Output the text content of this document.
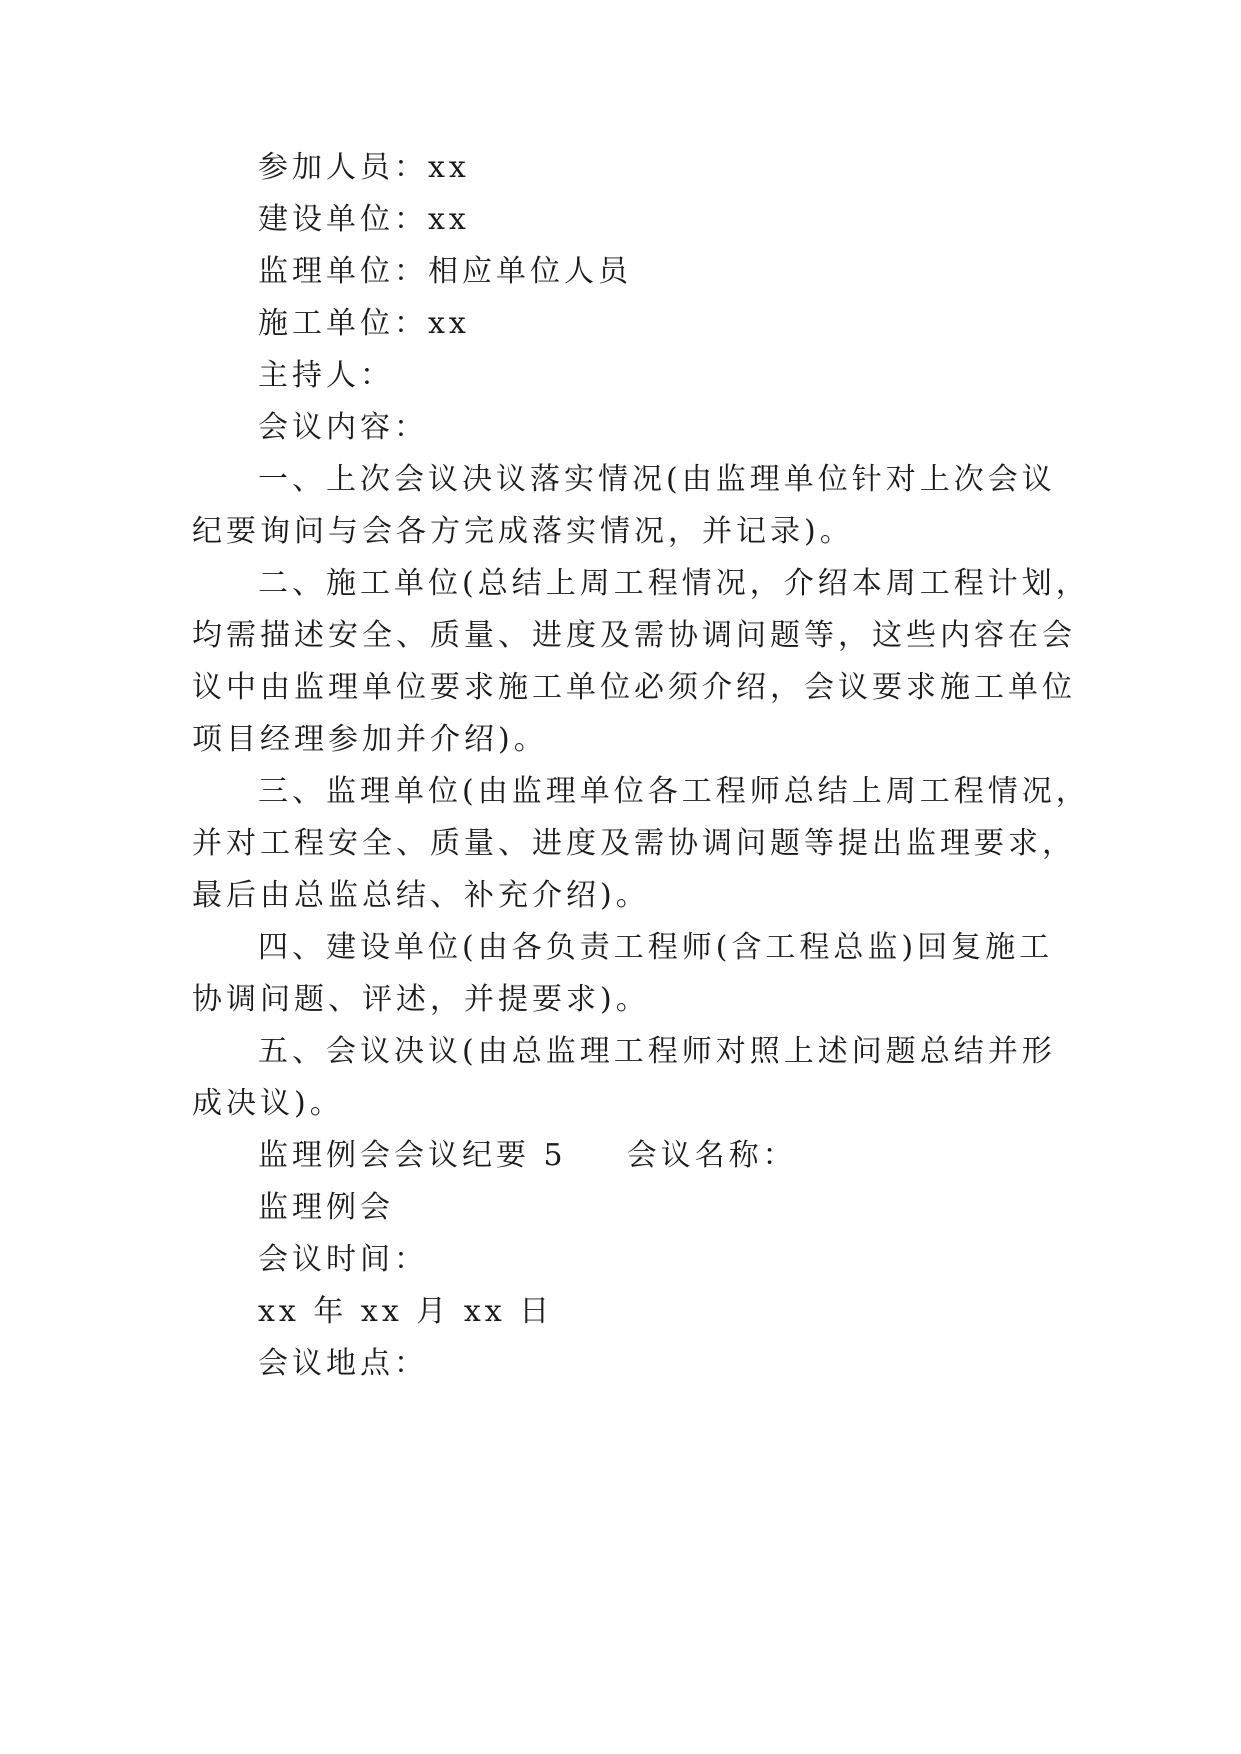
参加人员：xx

建设单位：xx

监理单位：相应单位人员

施工单位：xx

主持人：

会议内容：

一、上次会议决议落实情况(由监理单位针对上次会议

纪要询问与会各方完成落实情况，并记录)。

二、施工单位(总结上周工程情况，介绍本周工程计划，

均需描述安全、质量、进度及需协调问题等，这些内容在会

议中由监理单位要求施工单位必须介绍，会议要求施工单位

项目经理参加并介绍)。

三、监理单位(由监理单位各工程师总结上周工程情况，

并对工程安全、质量、进度及需协调问题等提出监理要求，

最后由总监总结、补充介绍)。

四、建设单位(由各负责工程师(含工程总监)回复施工

协调问题、评述，并提要求)。

五、会议决议(由总监理工程师对照上述问题总结并形

成决议)。

监理例会会议纪要 5 会议名称：

监理例会

会议时间：

xx 年 xx 月 xx 日

会议地点：
